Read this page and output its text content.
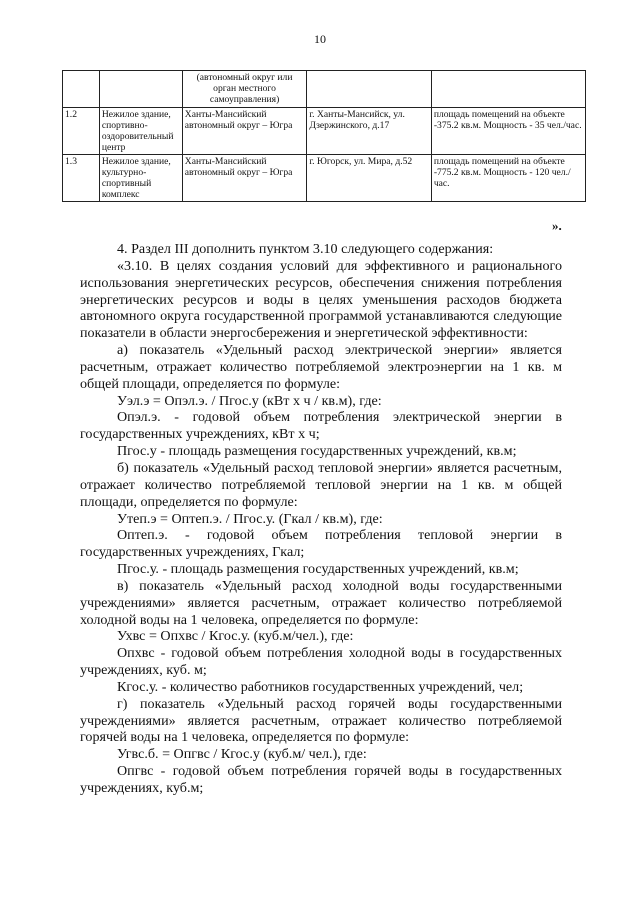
10
		(автономный округ или орган местного самоуправления)		
1.2	Нежилое здание, спортивно-оздоровительный центр	Ханты-Мансийский автономный округ – Югра	г. Ханты-Мансийск, ул. Дзержинского, д.17	площадь помещений на объекте -375.2 кв.м. Мощность - 35 чел./час.
1.3	Нежилое здание, культурно-спортивный комплекс	Ханты-Мансийский автономный округ – Югра	г. Югорск, ул. Мира, д.52	площадь помещений на объекте -775.2 кв.м. Мощность - 120 чел./час.
».

4. Раздел III дополнить пунктом 3.10 следующего содержания:

«3.10. В целях создания условий для эффективного и рационального использования энергетических ресурсов, обеспечения снижения потребления энергетических ресурсов и воды в целях уменьшения расходов бюджета автономного округа государственной программой устанавливаются следующие показатели в области энергосбережения и энергетической эффективности:

а) показатель «Удельный расход электрической энергии» является расчетным, отражает количество потребляемой электроэнергии на 1 кв. м общей площади, определяется по формуле:

Уэл.э = Опэл.э. / Пгос.у (кВт х ч / кв.м), где:

Опэл.э. - годовой объем потребления электрической энергии в государственных учреждениях, кВт х ч;

Пгос.у - площадь размещения государственных учреждений, кв.м;

б) показатель «Удельный расход тепловой энергии» является расчетным, отражает количество потребляемой тепловой энергии на 1 кв. м общей площади, определяется по формуле:

Утеп.э = Оптеп.э. / Пгос.у. (Гкал / кв.м), где:

Оптеп.э. - годовой объем потребления тепловой энергии в государственных учреждениях, Гкал;

Пгос.у. - площадь размещения государственных учреждений, кв.м;

в) показатель «Удельный расход холодной воды государственными учреждениями» является расчетным, отражает количество потребляемой холодной воды на 1 человека, определяется по формуле:

Ухвс = Опхвс / Кгос.у. (куб.м/чел.), где:

Опхвс - годовой объем потребления холодной воды в государственных учреждениях, куб. м;

Кгос.у. - количество работников государственных учреждений, чел;

г) показатель «Удельный расход горячей воды государственными учреждениями» является расчетным, отражает количество потребляемой горячей воды на 1 человека, определяется по формуле:

Угвс.б. = Опгвс / Кгос.у (куб.м/ чел.), где:

Опгвс - годовой объем потребления горячей воды в государственных учреждениях, куб.м;
